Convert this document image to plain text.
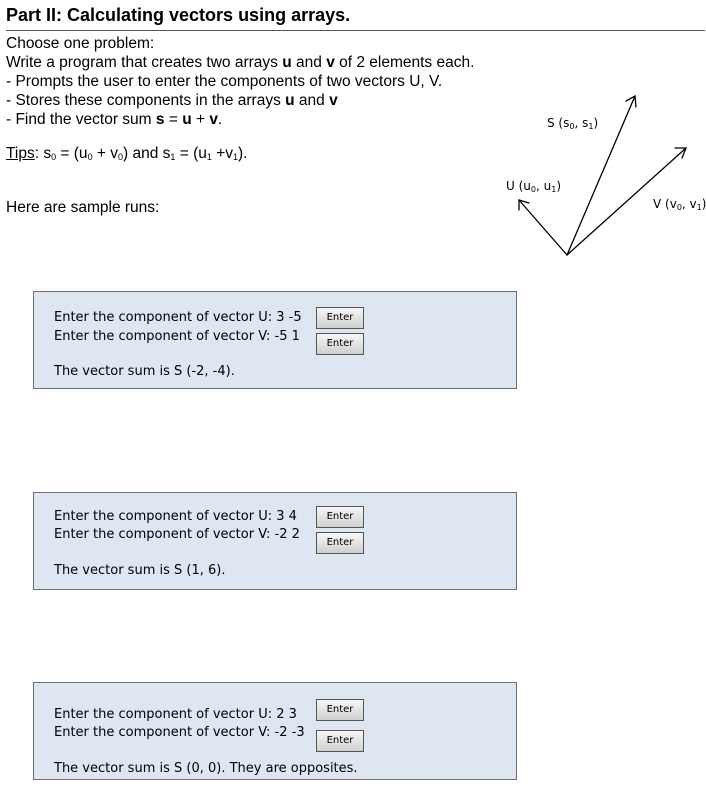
Part II: Calculating vectors using arrays.
Choose one problem:
Write a program that creates two arrays u and v of 2 elements each.
- Prompts the user to enter the components of two vectors U, V.
- Stores these components in the arrays u and v
- Find the vector sum s = u + v.
Tips: $s_0 = (u_0 + v_0)$ and $s_1 = (u_1 +v_1)$.
Here are sample runs:
S ($s_0$, $s_1$)
U ($u_0$, $u_1$)
V ($v_0$, $v_1$)
Enter the component of vector U: 3 -5	Enter
Enter the component of vector V: -5 1	Enter
The vector sum is S (-2, -4).
Enter the component of vector U: 3 4	Enter
Enter the component of vector V: -2 2
Enter
The vector sum is S (1, 6).
Enter the component of vector U: 2 3	Enter
Enter the component of vector V: -2 -3
Enter
The vector sum is S (0, 0). They are opposites.
